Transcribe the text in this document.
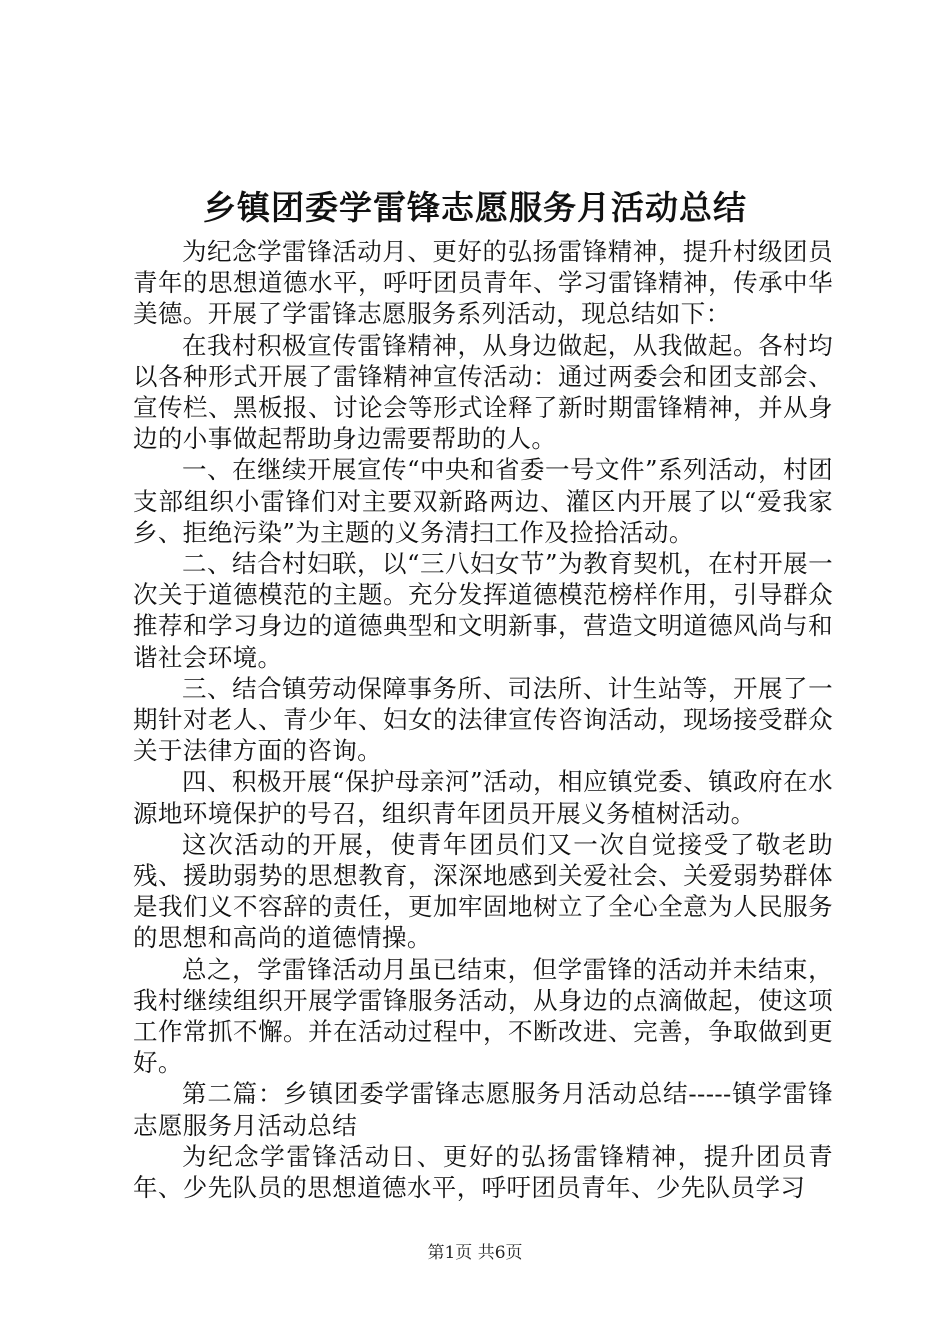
乡镇团委学雷锋志愿服务月活动总结

为纪念学雷锋活动月、更好的弘扬雷锋精神，提升村级团员青年的思想道德水平，呼吁团员青年、学习雷锋精神，传承中华美德。开展了学雷锋志愿服务系列活动，现总结如下：

在我村积极宣传雷锋精神，从身边做起，从我做起。各村均以各种形式开展了雷锋精神宣传活动：通过两委会和团支部会、宣传栏、黑板报、讨论会等形式诠释了新时期雷锋精神，并从身边的小事做起帮助身边需要帮助的人。

一、在继续开展宣传“中央和省委一号文件”系列活动，村团支部组织小雷锋们对主要双新路两边、灌区内开展了以“爱我家乡、拒绝污染”为主题的义务清扫工作及捡拾活动。

二、结合村妇联，以“三八妇女节”为教育契机，在村开展一次关于道德模范的主题。充分发挥道德模范榜样作用，引导群众推荐和学习身边的道德典型和文明新事，营造文明道德风尚与和谐社会环境。

三、结合镇劳动保障事务所、司法所、计生站等，开展了一期针对老人、青少年、妇女的法律宣传咨询活动，现场接受群众关于法律方面的咨询。

四、积极开展“保护母亲河”活动，相应镇党委、镇政府在水源地环境保护的号召，组织青年团员开展义务植树活动。

这次活动的开展，使青年团员们又一次自觉接受了敬老助残、援助弱势的思想教育，深深地感到关爱社会、关爱弱势群体是我们义不容辞的责任，更加牢固地树立了全心全意为人民服务的思想和高尚的道德情操。

总之，学雷锋活动月虽已结束，但学雷锋的活动并未结束，我村继续组织开展学雷锋服务活动，从身边的点滴做起，使这项工作常抓不懈。并在活动过程中，不断改进、完善，争取做到更好。

第二篇：乡镇团委学雷锋志愿服务月活动总结-----镇学雷锋志愿服务月活动总结

为纪念学雷锋活动日、更好的弘扬雷锋精神，提升团员青年、少先队员的思想道德水平，呼吁团员青年、少先队员学习

第1页 共6页
